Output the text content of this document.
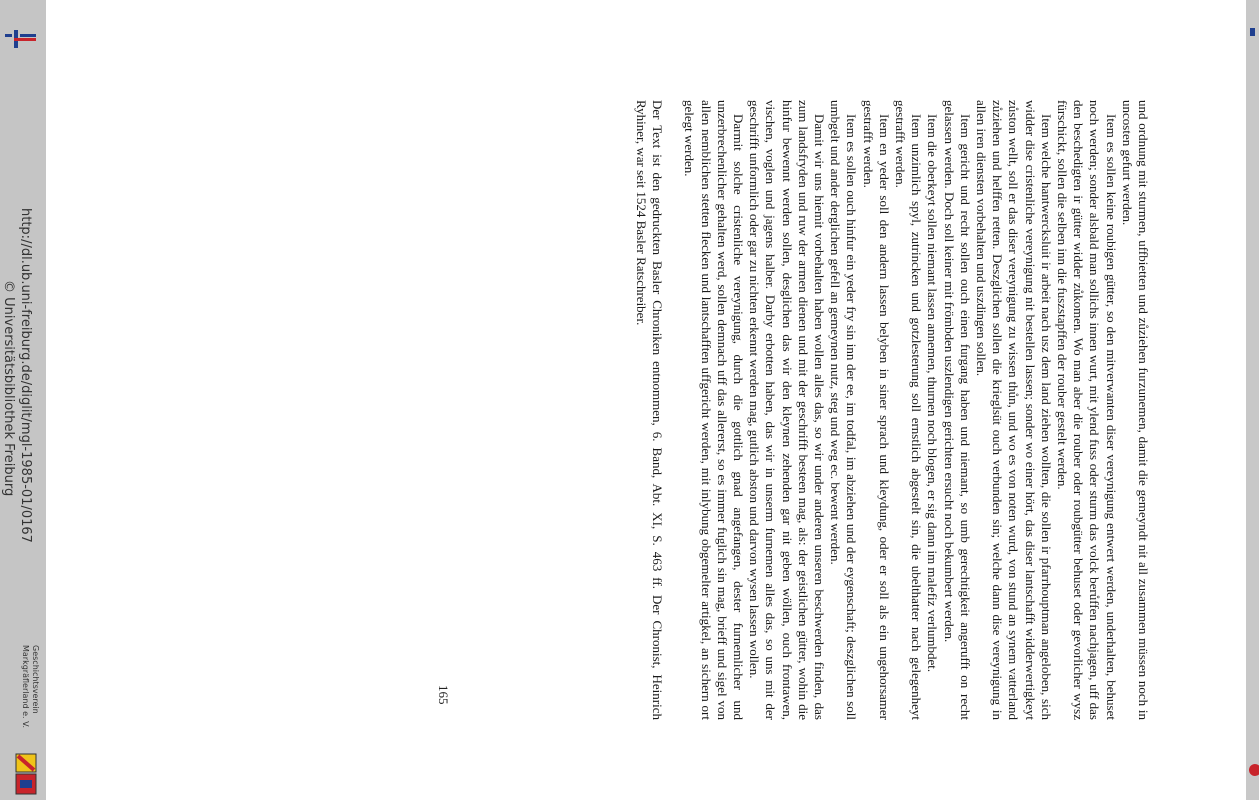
http://dl.ub.uni-freiburg.de/diglit/mgl-1985-01/0167
© Universitätsbibliothek Freiburg
Geschichtsverein
Markgräflerland e. V.	und ordnung mit sturmen, uffbietten und zůziehen furzunemen, damit die gemeyndt nit all zusammen müssen noch in uncosten gefurt werden.

Item es sollen keine roubigen gütter, so den mitverwanten diser vereynigung entwert werden, underhalten, behuset noch werden; sonder alsbald man sollichs innen wurt, mit ylend fuss oder sturm das volck berůffen nachjagen, uff das den beschedigten ir gütter widder zůkomen. Wo man aber die rouber oder roubgütter behuset oder gevorlicher wysz fürschickt, sollen die selben inn die fuszstapffen der rouber gestelt werden.

Item welche hantwercksluit ir arbeit nach usz dem land ziehen wollten, die sollen ir pfarrhouptman angeloben, sich widder dise cristenliche vereynigung nit bestellen lassen; sonder wo einer hört, das diser lantschafft widderwertigkeyt zůston wellt, soll er das diser vereynigung zu wissen thůn, und wo es von noten wurd, von stund an synem vatterland zůziehen und helffen retten. Deszglichen sollen die krieglsüt ouch verbunden sin; welche dann dise vereynigung in allen iren diensten vorbehalten und uszdingen sollen.

Item gericht und recht sollen ouch einen furgang haben und niemant, so umb gerechtigkeit angerufft on recht gelassen werden. Doch soll keiner mit frömbden uszlendigen gerichten ersucht noch bekumbert werden.

Item die oberkeyt sollen niemant lassen annemen, thurnen noch blogen, er sig dann im malefiz verlumbdet.

Item unzimlich spyl, zutrincken und gotzlesterung soll ernstlich abgestelt sin, die ubelthatter nach gelegenheyt gestrafft werden.

Item en yeder soll den andern lassen belyben in siner sprach und kleydung, oder er soll als ein ungehorsamer gestrafft werden.

Item es sollen ouch hinfur ein yeder fry sin inn der ee, im todfal, im abziehen und der eygenschaft; deszglichen soll umbgelt und ander derglichen gefell an gemeynen nutz, steg und weg ec. bewent werden.

Damit wir uns hiemit vorbehalten haben wollen alles das, so wir under anderen unseren beschwerden finden, das zum landsfryden und ruw der armen dienen und mit der geschrifft besteen mag, als: der geistlichen gütter, wohin die hinfur bewennt werden sollen, desglichen das wir den kleynen zehenden gar nit geben wöllen, ouch frontawen, vischen, voglen und jagens halber. Darby erbotten haben, das wir in unserm furnemen alles das, so uns mit der geschrifft unformlich oder gar zu nichten erkennt werden mag, gutlich abston und darvon wysen lassen wollen.

Darmit solche cristenliche vereynigung, durch die gottlich gnad angefangen, dester furnemlicher und unzerbrechenlicher gehalten werd, sollen demnach uff das allererst, so es immer fuglich sin mag, brieff und sigel von allen nemblichen stetten flecken und lantschafften uffgericht werden, mit inlybung obgemelter artigkel, an sichern ort gelegt werden.

Der Text ist den gedruckten Basler Chroniken entnommen, 6. Band, Abt. XI, S. 463 ff. Der Chronist, Heinrich Ryhiner, war seit 1524 Basler Ratschreiber.

165
